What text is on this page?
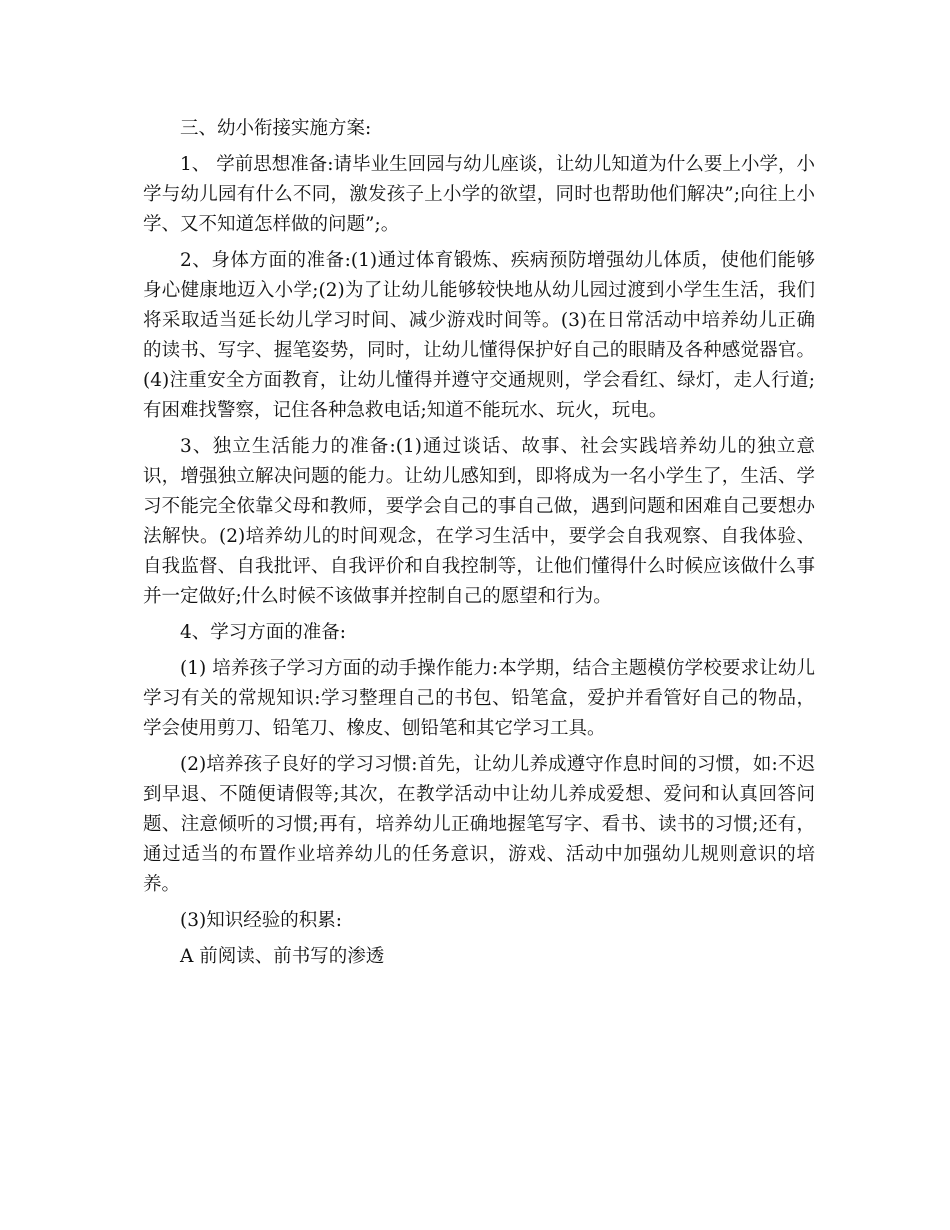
三、幼小衔接实施方案:

1、 学前思想准备:请毕业生回园与幼儿座谈，让幼儿知道为什么要上小学，小学与幼儿园有什么不同，激发孩子上小学的欲望，同时也帮助他们解决”;向往上小学、又不知道怎样做的问题”;。

2、身体方面的准备:(1)通过体育锻炼、疾病预防增强幼儿体质，使他们能够身心健康地迈入小学;(2)为了让幼儿能够较快地从幼儿园过渡到小学生生活，我们将采取适当延长幼儿学习时间、减少游戏时间等。(3)在日常活动中培养幼儿正确的读书、写字、握笔姿势，同时，让幼儿懂得保护好自己的眼睛及各种感觉器官。(4)注重安全方面教育，让幼儿懂得并遵守交通规则，学会看红、绿灯，走人行道;有困难找警察，记住各种急救电话;知道不能玩水、玩火，玩电。

3、独立生活能力的准备:(1)通过谈话、故事、社会实践培养幼儿的独立意识，增强独立解决问题的能力。让幼儿感知到，即将成为一名小学生了，生活、学习不能完全依靠父母和教师，要学会自己的事自己做，遇到问题和困难自己要想办法解快。(2)培养幼儿的时间观念，在学习生活中，要学会自我观察、自我体验、自我监督、自我批评、自我评价和自我控制等，让他们懂得什么时候应该做什么事并一定做好;什么时候不该做事并控制自己的愿望和行为。

4、学习方面的准备:

(1) 培养孩子学习方面的动手操作能力:本学期，结合主题模仿学校要求让幼儿学习有关的常规知识:学习整理自己的书包、铅笔盒，爱护并看管好自己的物品，学会使用剪刀、铅笔刀、橡皮、刨铅笔和其它学习工具。

(2)培养孩子良好的学习习惯:首先，让幼儿养成遵守作息时间的习惯，如:不迟到早退、不随便请假等;其次，在教学活动中让幼儿养成爱想、爱问和认真回答问题、注意倾听的习惯;再有，培养幼儿正确地握笔写字、看书、读书的习惯;还有，通过适当的布置作业培养幼儿的任务意识，游戏、活动中加强幼儿规则意识的培养。

(3)知识经验的积累:

A 前阅读、前书写的渗透
